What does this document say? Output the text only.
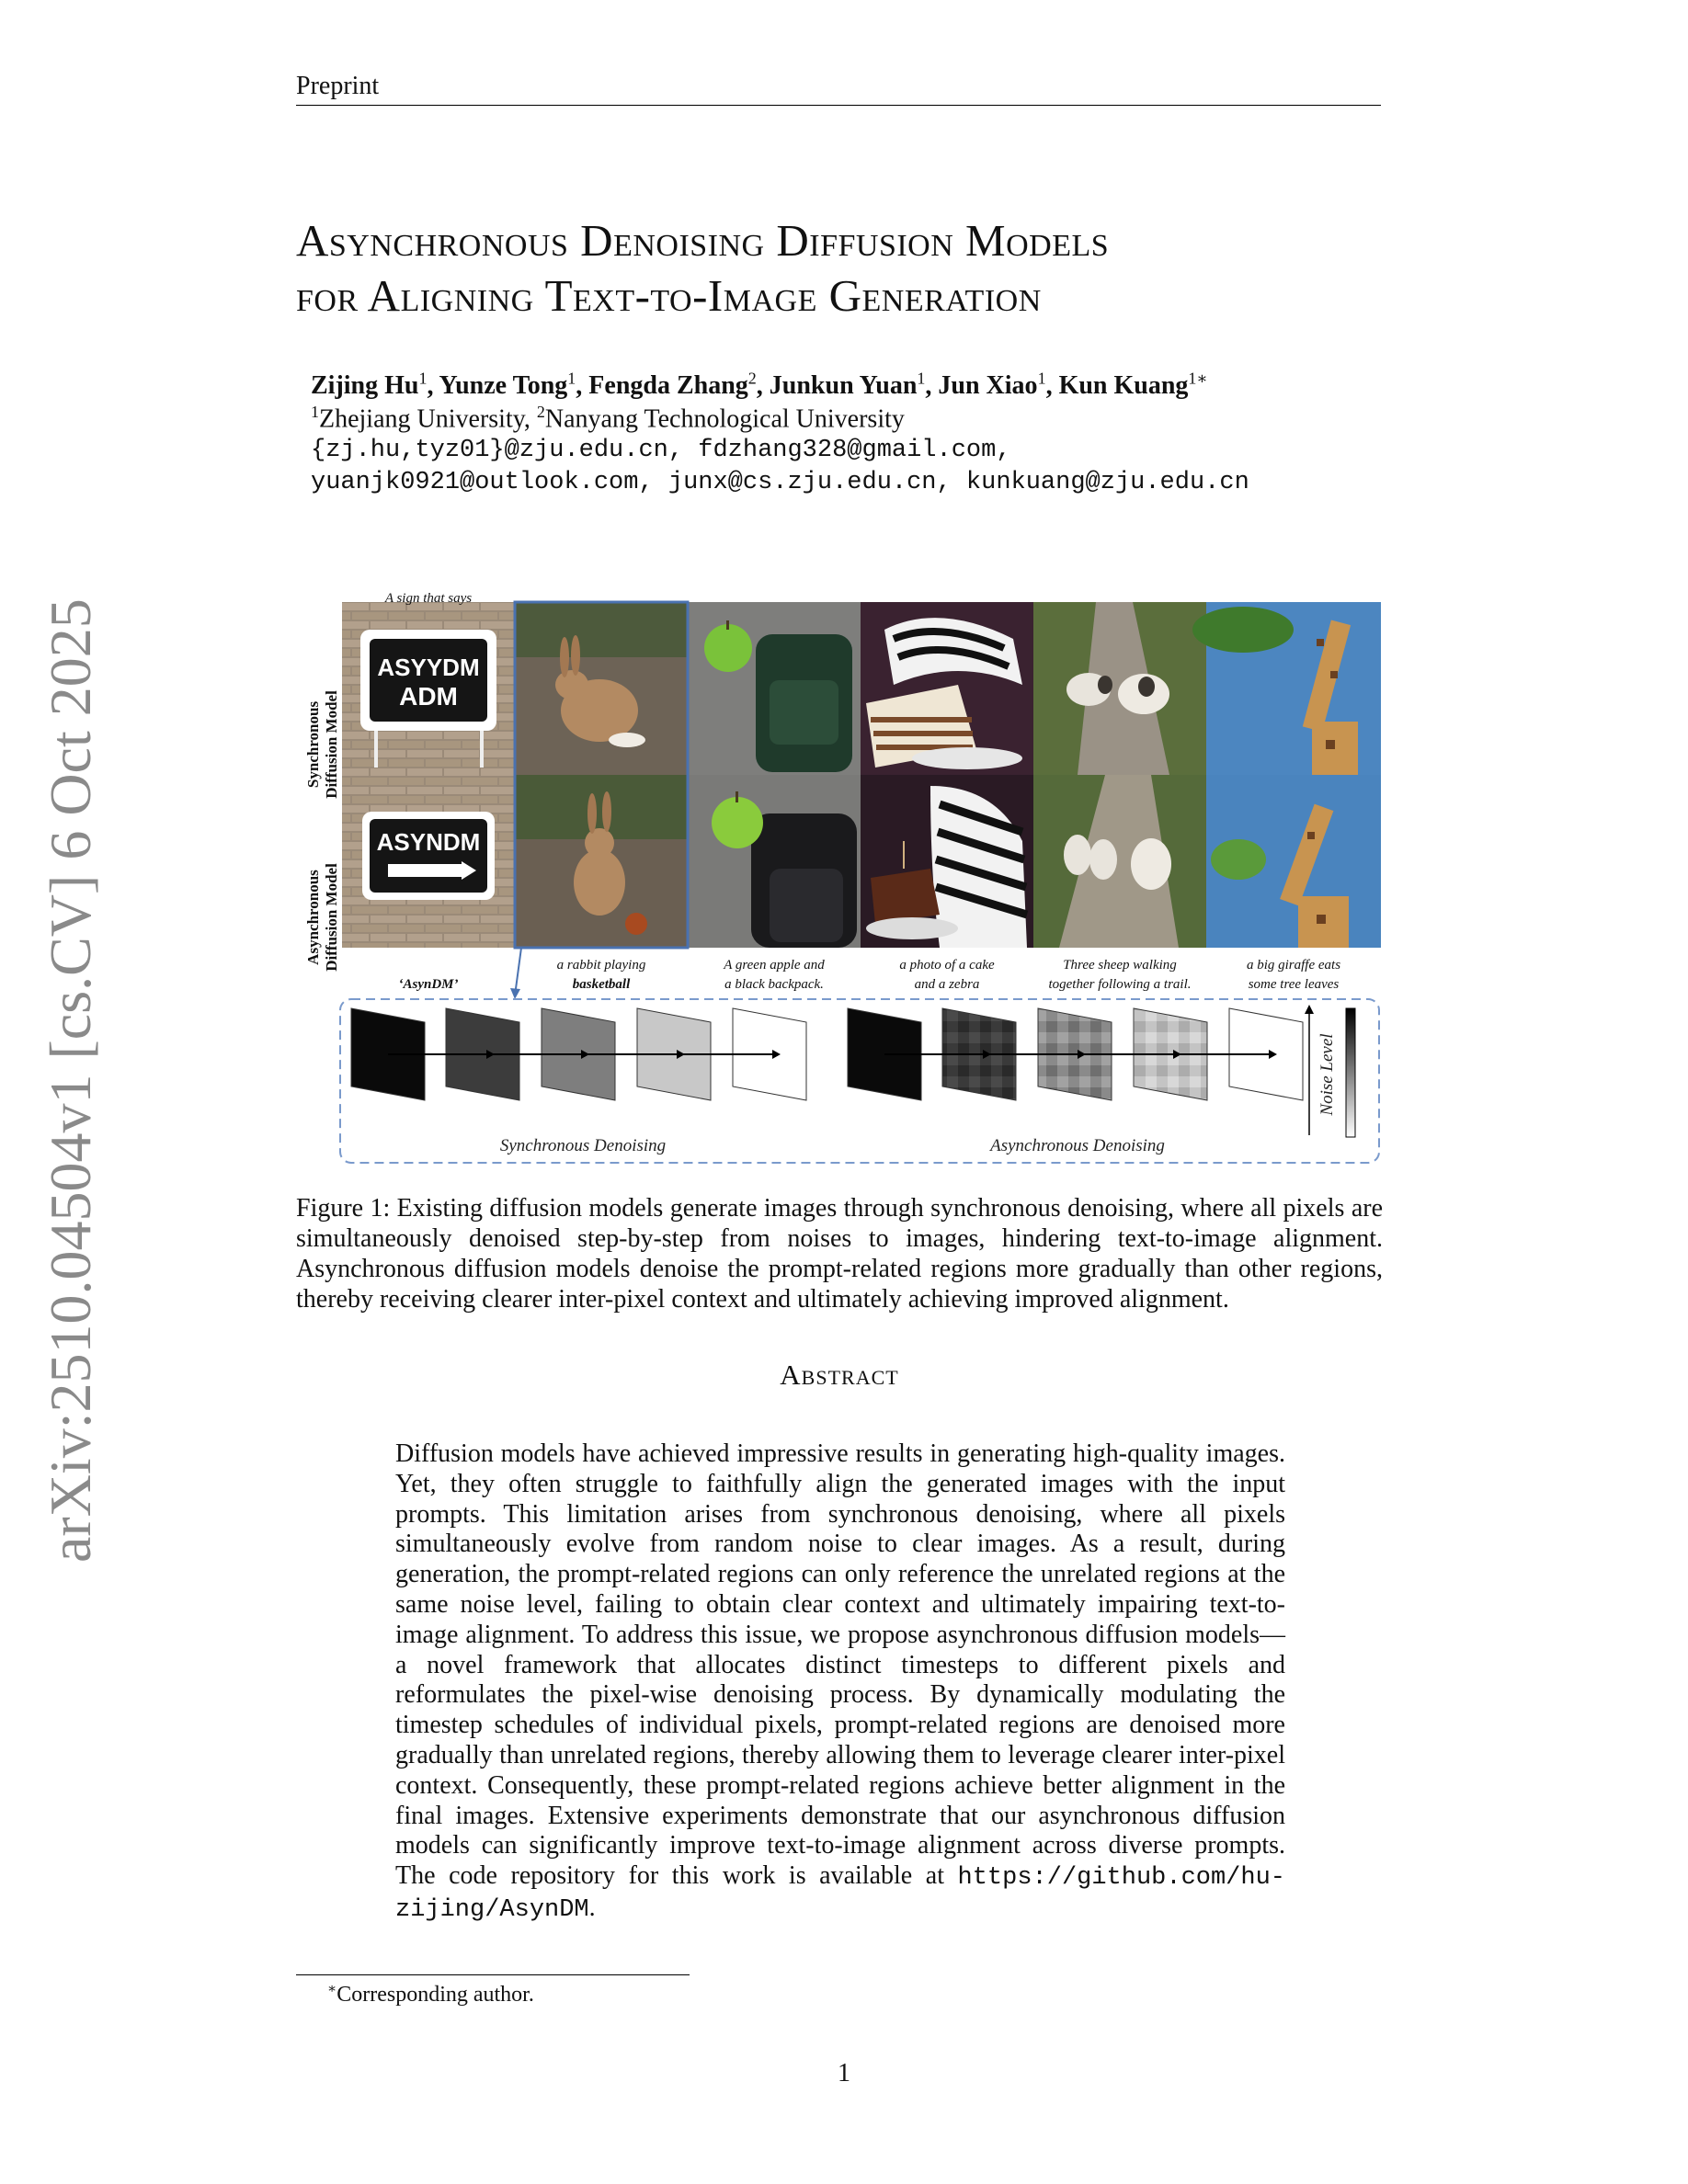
Preprint
Asynchronous Denoising Diffusion Models
for Aligning Text-to-Image Generation
Zijing Hu$^1$, Yunze Tong$^1$, Fengda Zhang$^2$, Junkun Yuan$^1$, Jun Xiao$^1$, Kun Kuang$^{1∗}$
$^1$Zhejiang University, $^2$Nanyang Technological University
{zj.hu,tyz01}@zju.edu.cn, fdzhang328@gmail.com,
yuanjk0921@outlook.com, junx@cs.zju.edu.cn, kunkuang@zju.edu.cn
arXiv:2510.04504v1 [cs.CV] 6 Oct 2025	Synchronous Diffusion Model
Asynchronous Diffusion Model
ASYYDM
ADM
ASYNDM
A sign that says
‘AsynDM’
a rabbit playing
basketball
A green apple and
a black backpack.
a photo of a cake
and a zebra
Three sheep walking
together following a trail.
a big giraffe eats
some tree leaves
Synchronous Denoising	Asynchronous Denoising
Noise Level
Figure 1: Existing diffusion models generate images through synchronous denoising, where all pixels are simultaneously denoised step-by-step from noises to images, hindering text-to-image alignment. Asynchronous diffusion models denoise the prompt-related regions more gradually than other regions, thereby receiving clearer inter-pixel context and ultimately achieving improved alignment.
Abstract
Diffusion models have achieved impressive results in generating high-quality images. Yet, they often struggle to faithfully align the generated images with the input prompts. This limitation arises from synchronous denoising, where all pixels simultaneously evolve from random noise to clear images. As a result, during generation, the prompt-related regions can only reference the unrelated regions at the same noise level, failing to obtain clear context and ultimately impairing text-to-image alignment. To address this issue, we propose asynchronous diffusion models—a novel framework that allocates distinct timesteps to different pixels and reformulates the pixel-wise denoising process. By dynamically modulating the timestep schedules of individual pixels, prompt-related regions are denoised more gradually than unrelated regions, thereby allowing them to leverage clearer inter-pixel context. Consequently, these prompt-related regions achieve better alignment in the final images. Extensive experiments demonstrate that our asynchronous diffusion models can significantly improve text-to-image alignment across diverse prompts. The code repository for this work is available at https://github.com/hu-zijing/AsynDM.
∗Corresponding author.
1
